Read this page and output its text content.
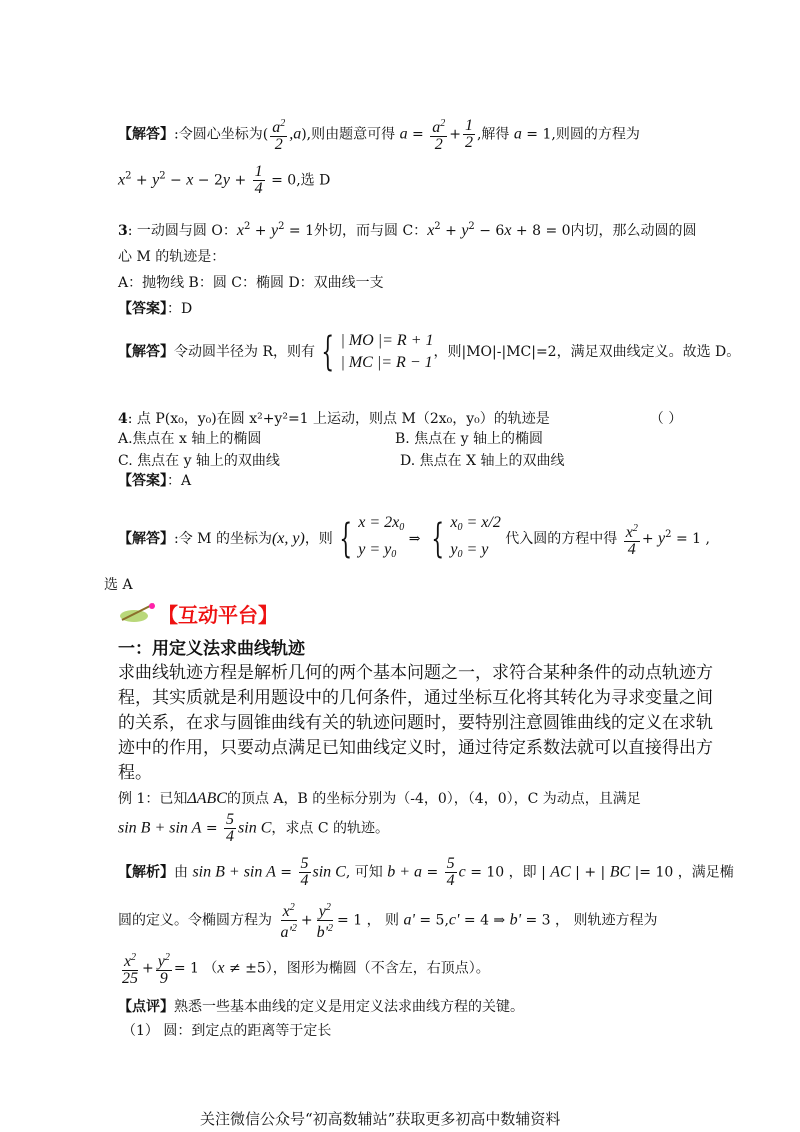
【解答】:令圆心坐标为( $\frac{a^2}{2} ,a$),则由题意可得 $a = \frac{a^2}{2} + \frac{1}{2}$ ,解得 a = 1,则圆的方程为
$x^2 + y^2 - x - 2y + \frac{1}{4} = 0$,选 D
3: 一动圆与圆 O：$x^2 + y^2 = 1$外切，而与圆 C：$x^2 + y^2 - 6x + 8 = 0$内切，那么动圆的圆
心 M 的轨迹是：
A：抛物线 B：圆 C：椭圆 D：双曲线一支
【答案】：D
【解答】令动圆半径为 R，则有 { | MO |= R + 1
| MC |= R − 1
，则|MO|-|MC|=2，满足双曲线定义。故选 D。
4: 点 P(x₀，y₀)在圆 x²+y²=1 上运动，则点 M（2x₀，y₀）的轨迹是	（ ）
A.焦点在 x 轴上的椭圆	B. 焦点在 y 轴上的椭圆
C. 焦点在 y 轴上的双曲线	D. 焦点在 X 轴上的双曲线
【答案】：A
【解答】:令 M 的坐标为(x, y)，则 { $x = 2x_0$
$y = y_0$
⇒ { $x_0 = x/2$
$y_0 = y$
代入圆的方程中得 $\frac{x^2}{4} + y^2 = 1$ ,
选 A
【互动平台】
一：用定义法求曲线轨迹
求曲线轨迹方程是解析几何的两个基本问题之一，求符合某种条件的动点轨迹方
程，其实质就是利用题设中的几何条件，通过坐标互化将其转化为寻求变量之间
的关系，在求与圆锥曲线有关的轨迹问题时，要特别注意圆锥曲线的定义在求轨
迹中的作用，只要动点满足已知曲线定义时，通过待定系数法就可以直接得出方
程。
例 1：已知ΔABC的顶点 A，B 的坐标分别为（-4，0），（4，0），C 为动点，且满足
$\sin B + \sin A = \frac{5}{4}$ sin C，求点 C 的轨迹。
【解析】由 $\sin B + \sin A = \frac{5}{4}$ sin C, 可知 $b + a = \frac{5}{4}$ c = 10 ，即 | AC | + | BC |= 10 ，满足椭
圆的定义。令椭圆方程为 $\frac{x^2}{a'^2} + \frac{y^2}{b'^2} = 1$ ， 则 a' = 5,c' = 4 ⇒ b' = 3 ， 则轨迹方程为
$\frac{x^2}{25} + \frac{y^2}{9} = 1$ （x ≠ ±5），图形为椭圆（不含左，右顶点）。
【点评】熟悉一些基本曲线的定义是用定义法求曲线方程的关键。
（1） 圆：到定点的距离等于定长
关注微信公众号“初高数辅站”获取更多初高中数辅资料
